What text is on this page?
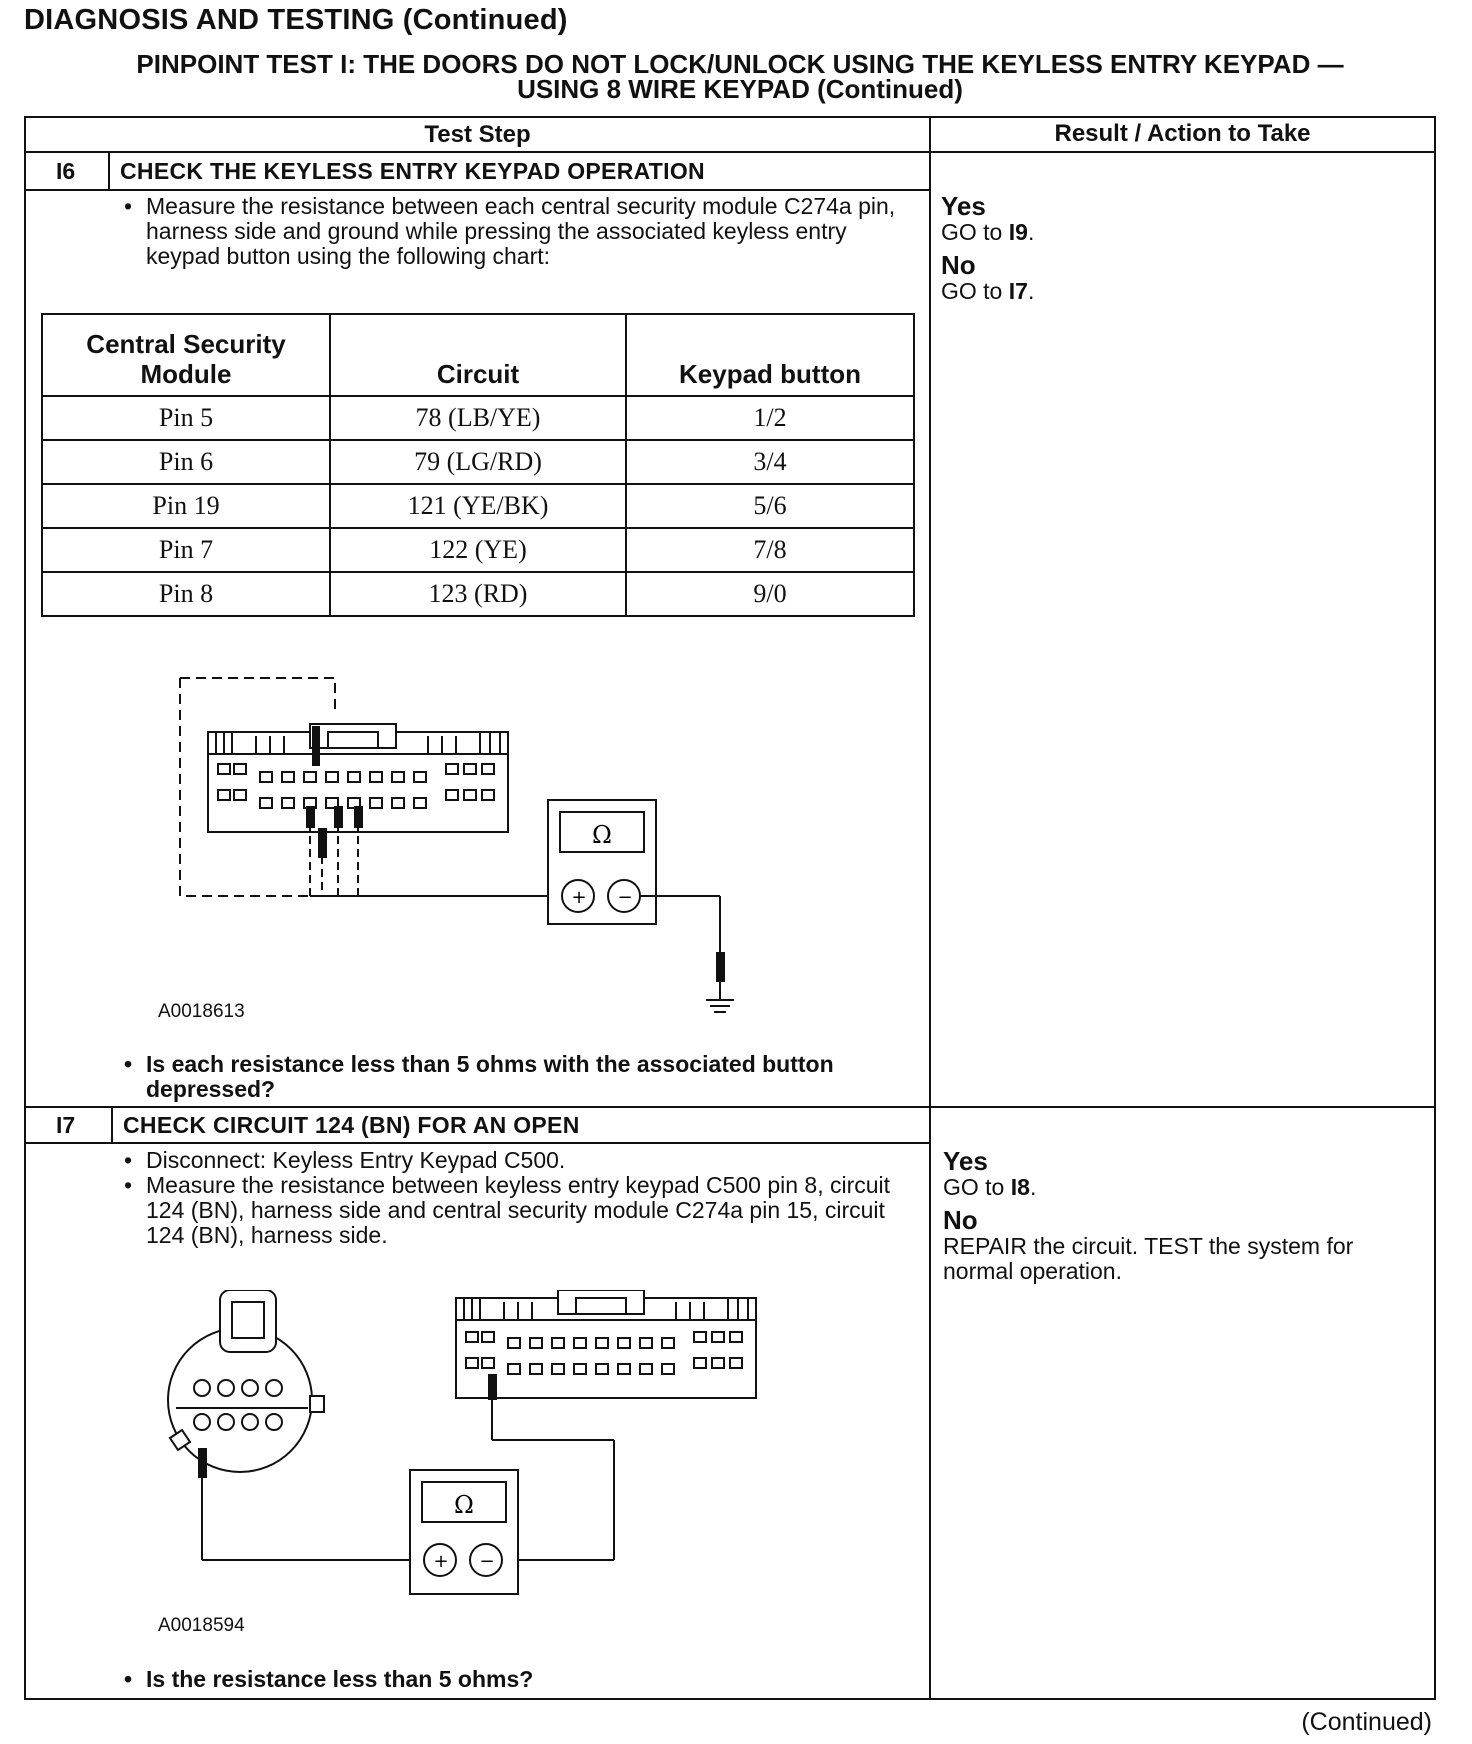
DIAGNOSIS AND TESTING (Continued)
PINPOINT TEST I: THE DOORS DO NOT LOCK/UNLOCK USING THE KEYLESS ENTRY KEYPAD —
USING 8 WIRE KEYPAD (Continued)
Test Step	Result / Action to Take
I6 CHECK THE KEYLESS ENTRY KEYPAD OPERATION
• Measure the resistance between each central security module C274a pin, harness side and ground while pressing the associated keyless entry keypad button using the following chart:
Central Security Module	Circuit	Keypad button
Pin 5	78 (LB/YE)	1/2
Pin 6	79 (LG/RD)	3/4
Pin 19	121 (YE/BK)	5/6
Pin 7	122 (YE)	7/8
Pin 8	123 (RD)	9/0
+ −
Ω
A0018613
• Is each resistance less than 5 ohms with the associated button depressed?
Yes
GO to I9.
No
GO to I7.
I7 CHECK CIRCUIT 124 (BN) FOR AN OPEN
• Disconnect: Keyless Entry Keypad C500.
• Measure the resistance between keyless entry keypad C500 pin 8, circuit 124 (BN), harness side and central security module C274a pin 15, circuit 124 (BN), harness side.
+ −
Ω
A0018594
• Is the resistance less than 5 ohms?
Yes
GO to I8.
No
REPAIR the circuit. TEST the system for normal operation.
(Continued)
